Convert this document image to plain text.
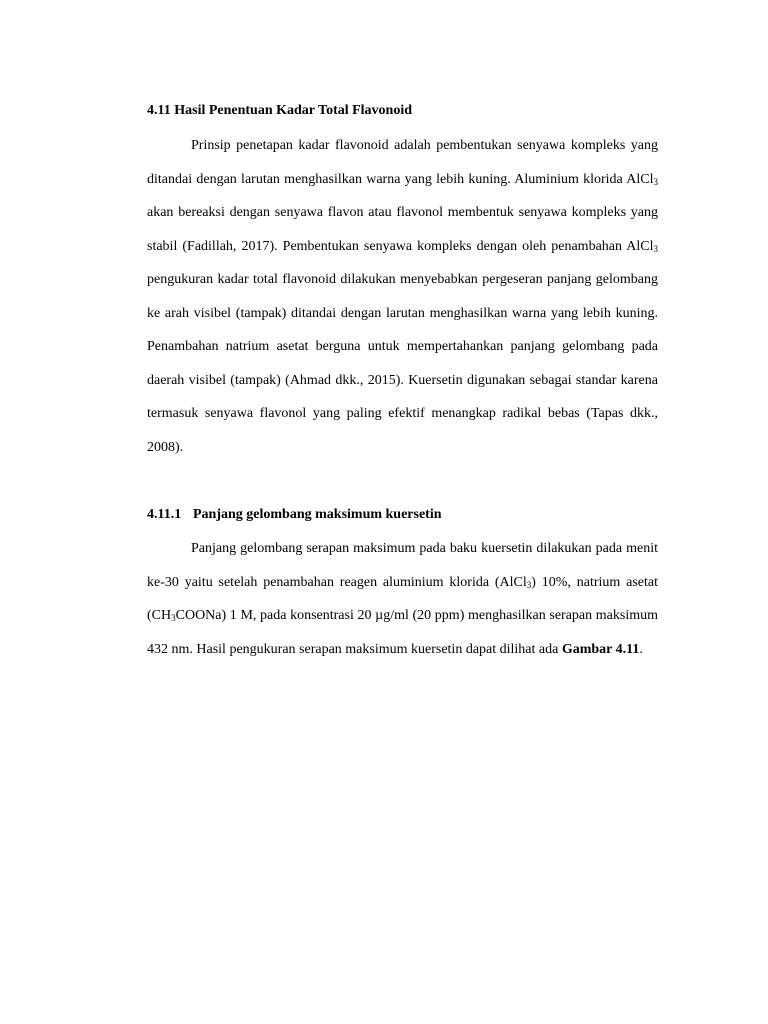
4.11 Hasil Penentuan Kadar Total Flavonoid

Prinsip penetapan kadar flavonoid adalah pembentukan senyawa kompleks yang ditandai dengan larutan menghasilkan warna yang lebih kuning. Aluminium klorida AlCl$_3$ akan bereaksi dengan senyawa flavon atau flavonol membentuk senyawa kompleks yang stabil (Fadillah, 2017). Pembentukan senyawa kompleks dengan oleh penambahan AlCl$_3$ pengukuran kadar total flavonoid dilakukan menyebabkan pergeseran panjang gelombang ke arah visibel (tampak) ditandai dengan larutan menghasilkan warna yang lebih kuning. Penambahan natrium asetat berguna untuk mempertahankan panjang gelombang pada daerah visibel (tampak) (Ahmad dkk., 2015). Kuersetin digunakan sebagai standar karena termasuk senyawa flavonol yang paling efektif menangkap radikal bebas (Tapas dkk., 2008).

4.11.1 Panjang gelombang maksimum kuersetin

Panjang gelombang serapan maksimum pada baku kuersetin dilakukan pada menit ke-30 yaitu setelah penambahan reagen aluminium klorida (AlCl$_3$) 10%, natrium asetat $(CH_3COONa)$ 1 M, pada konsentrasi 20 µg/ml (20 ppm) menghasilkan serapan maksimum 432 nm. Hasil pengukuran serapan maksimum kuersetin dapat dilihat ada Gambar 4.11.
